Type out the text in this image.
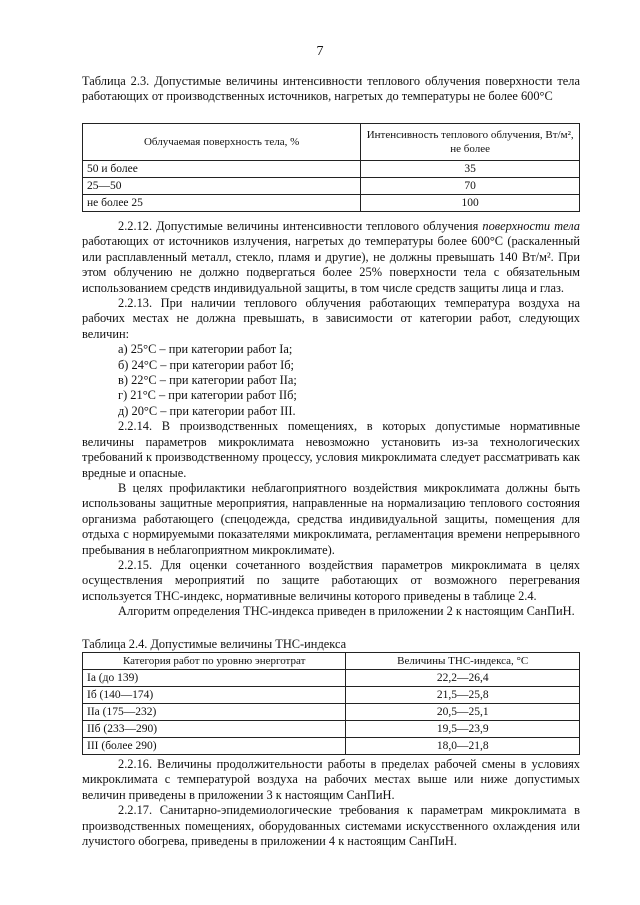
7
Таблица 2.3. Допустимые величины интенсивности теплового облучения поверхности тела работающих от производственных источников, нагретых до температуры не более 600°С
Облучаемая поверхность тела, %	Интенсивность теплового облучения, Вт/м², не более
50 и более	35
25—50	70
не более 25	100

2.2.12. Допустимые величины интенсивности теплового облучения поверхности тела работающих от источников излучения, нагретых до температуры более 600°С (раскаленный или расплавленный металл, стекло, пламя и другие), не должны превышать 140 Вт/м². При этом облучению не должно подвергаться более 25% поверхности тела с обязательным использованием средств индивидуальной защиты, в том числе средств защиты лица и глаз.

2.2.13. При наличии теплового облучения работающих температура воздуха на рабочих местах не должна превышать, в зависимости от категории работ, следующих величин:

а) 25°С – при категории работ Iа;

б) 24°С – при категории работ Iб;

в) 22°С – при категории работ IIа;

г) 21°С – при категории работ IIб;

д) 20°С – при категории работ III.

2.2.14. В производственных помещениях, в которых допустимые нормативные величины параметров микроклимата невозможно установить из-за технологических требований к производственному процессу, условия микроклимата следует рассматривать как вредные и опасные.

В целях профилактики неблагоприятного воздействия микроклимата должны быть использованы защитные мероприятия, направленные на нормализацию теплового состояния организма работающего (спецодежда, средства индивидуальной защиты, помещения для отдыха с нормируемыми показателями микроклимата, регламентация времени непрерывного пребывания в неблагоприятном микроклимате).

2.2.15. Для оценки сочетанного воздействия параметров микроклимата в целях осуществления мероприятий по защите работающих от возможного перегревания используется ТНС-индекс, нормативные величины которого приведены в таблице 2.4.

Алгоритм определения ТНС-индекса приведен в приложении 2 к настоящим СанПиН.

Таблица 2.4. Допустимые величины ТНС-индекса
Категория работ по уровню энерготрат	Величины ТНС-индекса, °С
Iа (до 139)	22,2—26,4
Iб (140—174)	21,5—25,8
IIа (175—232)	20,5—25,1
IIб (233—290)	19,5—23,9
III (более 290)	18,0—21,8

2.2.16. Величины продолжительности работы в пределах рабочей смены в условиях микроклимата с температурой воздуха на рабочих местах выше или ниже допустимых величин приведены в приложении 3 к настоящим СанПиН.

2.2.17. Санитарно-эпидемиологические требования к параметрам микроклимата в производственных помещениях, оборудованных системами искусственного охлаждения или лучистого обогрева, приведены в приложении 4 к настоящим СанПиН.
